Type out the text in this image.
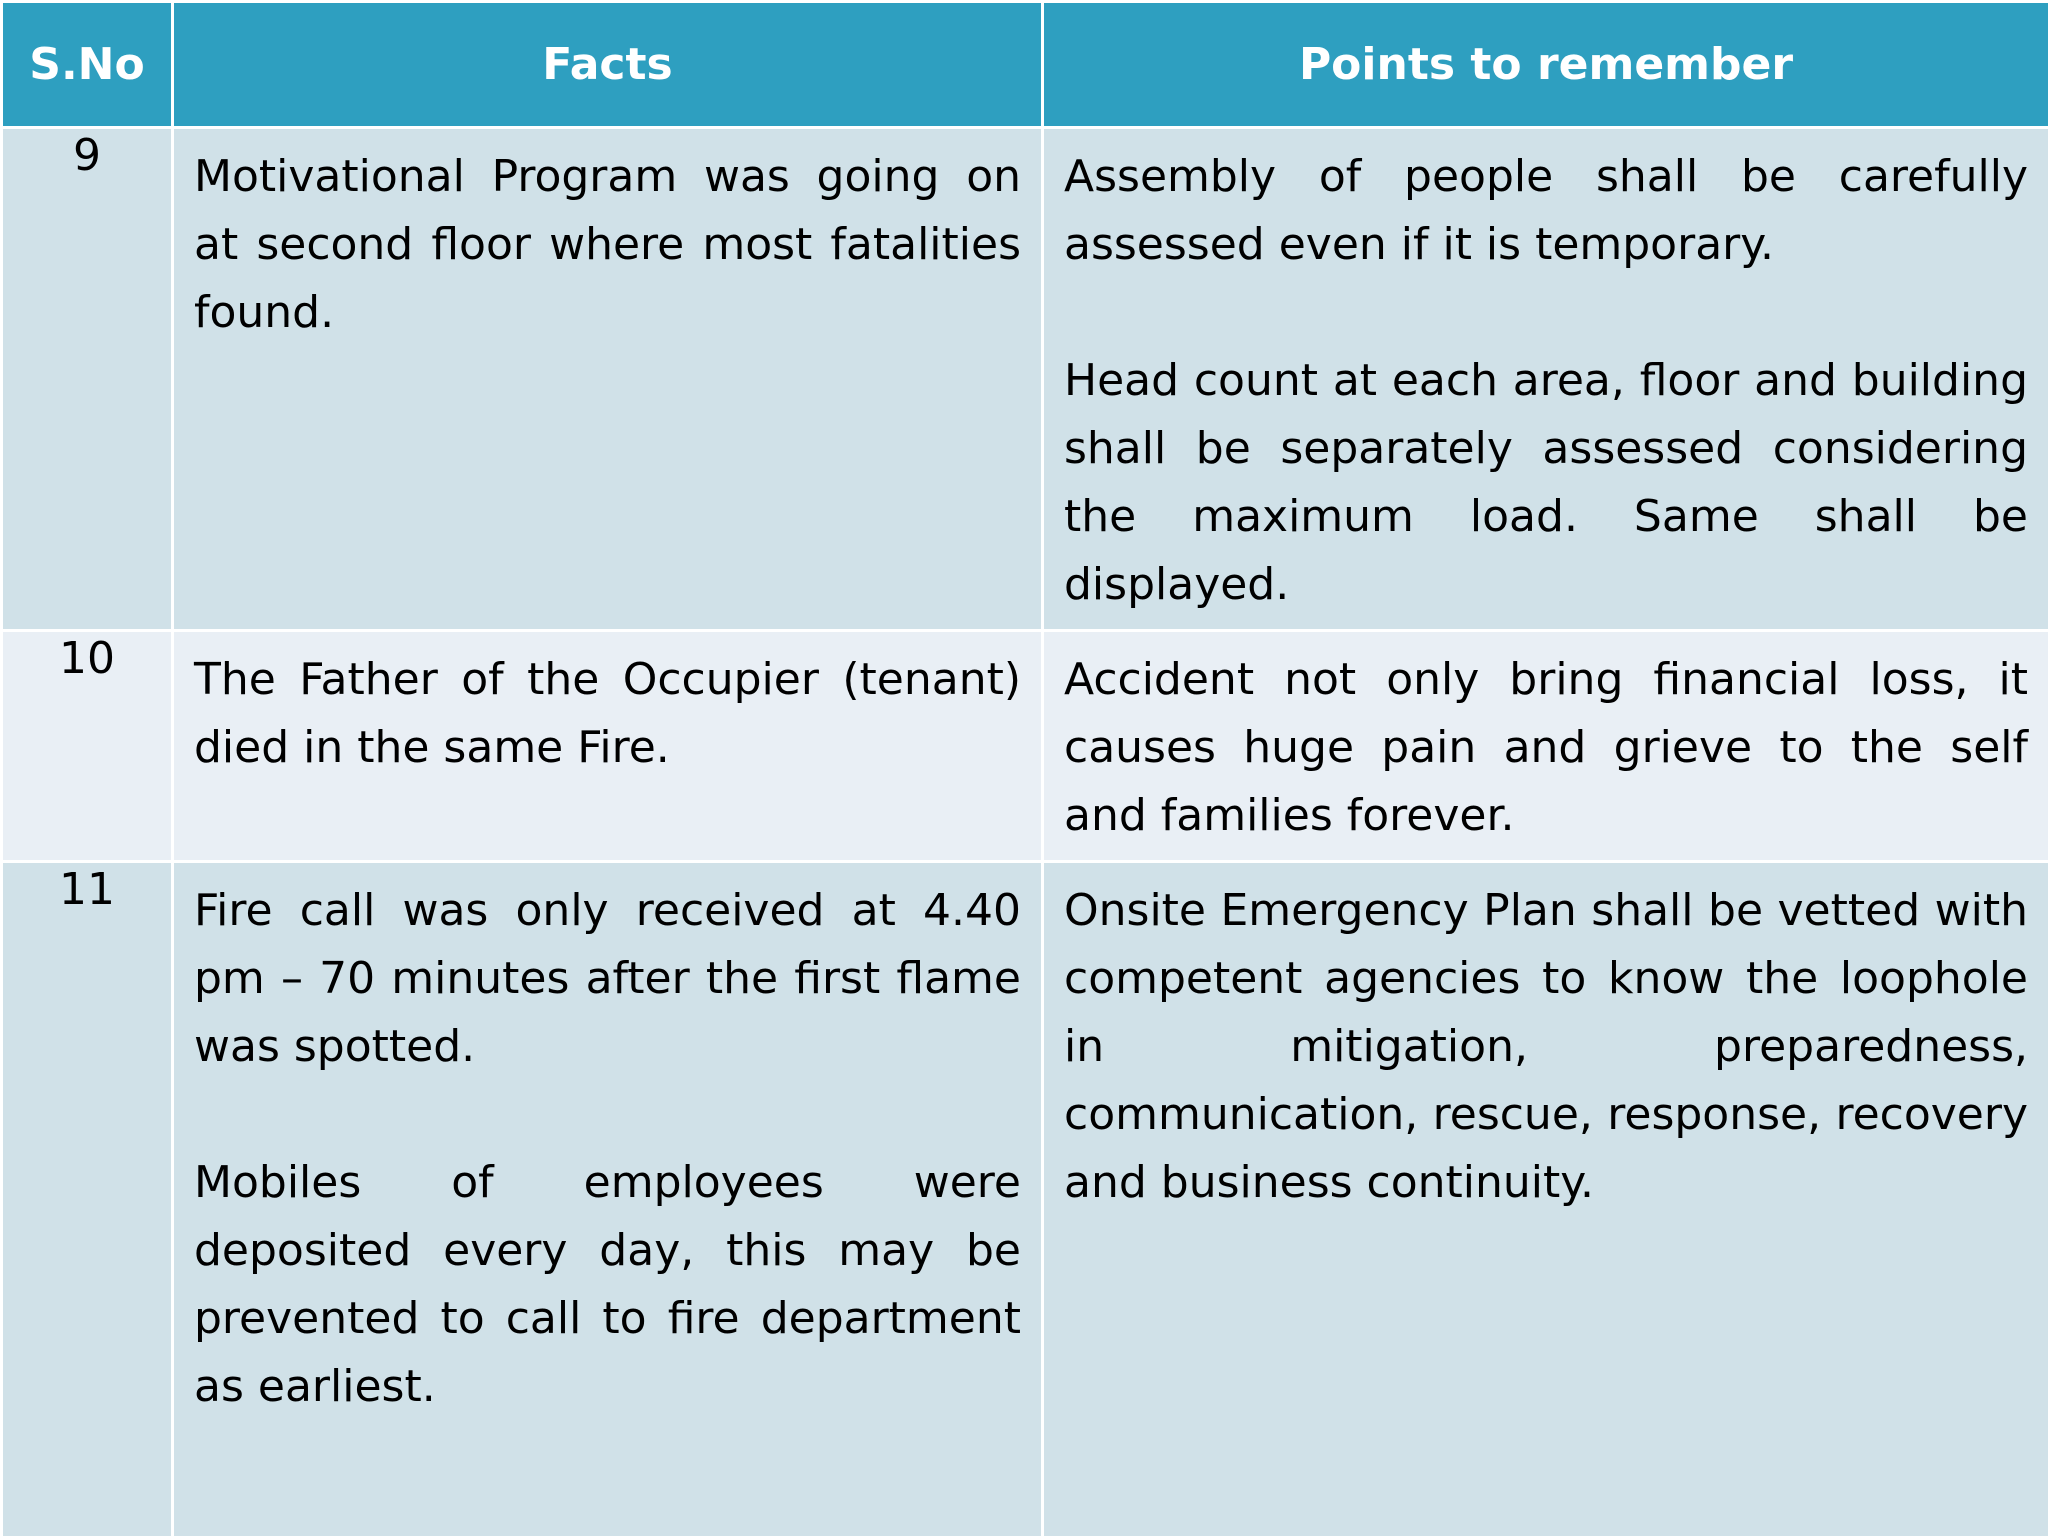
S.No	Facts	Points to remember
9	Motivational Program was going on at second floor where most fatalities found.	Assembly of people shall be carefully assessed even if it is temporary.

Head count at each area, floor and building shall be separately assessed considering the maximum load. Same shall be displayed.

10	The Father of the Occupier (tenant) died in the same Fire.	Accident not only bring financial loss, it causes huge pain and grieve to the self and families forever.

11	Fire call was only received at 4.40 pm – 70 minutes after the first flame was spotted.

Mobiles of employees were deposited every day, this may be prevented to call to fire department as earliest.	Onsite Emergency Plan shall be vetted with competent agencies to know the loophole in mitigation, preparedness, communication, rescue, response, recovery and business continuity.
